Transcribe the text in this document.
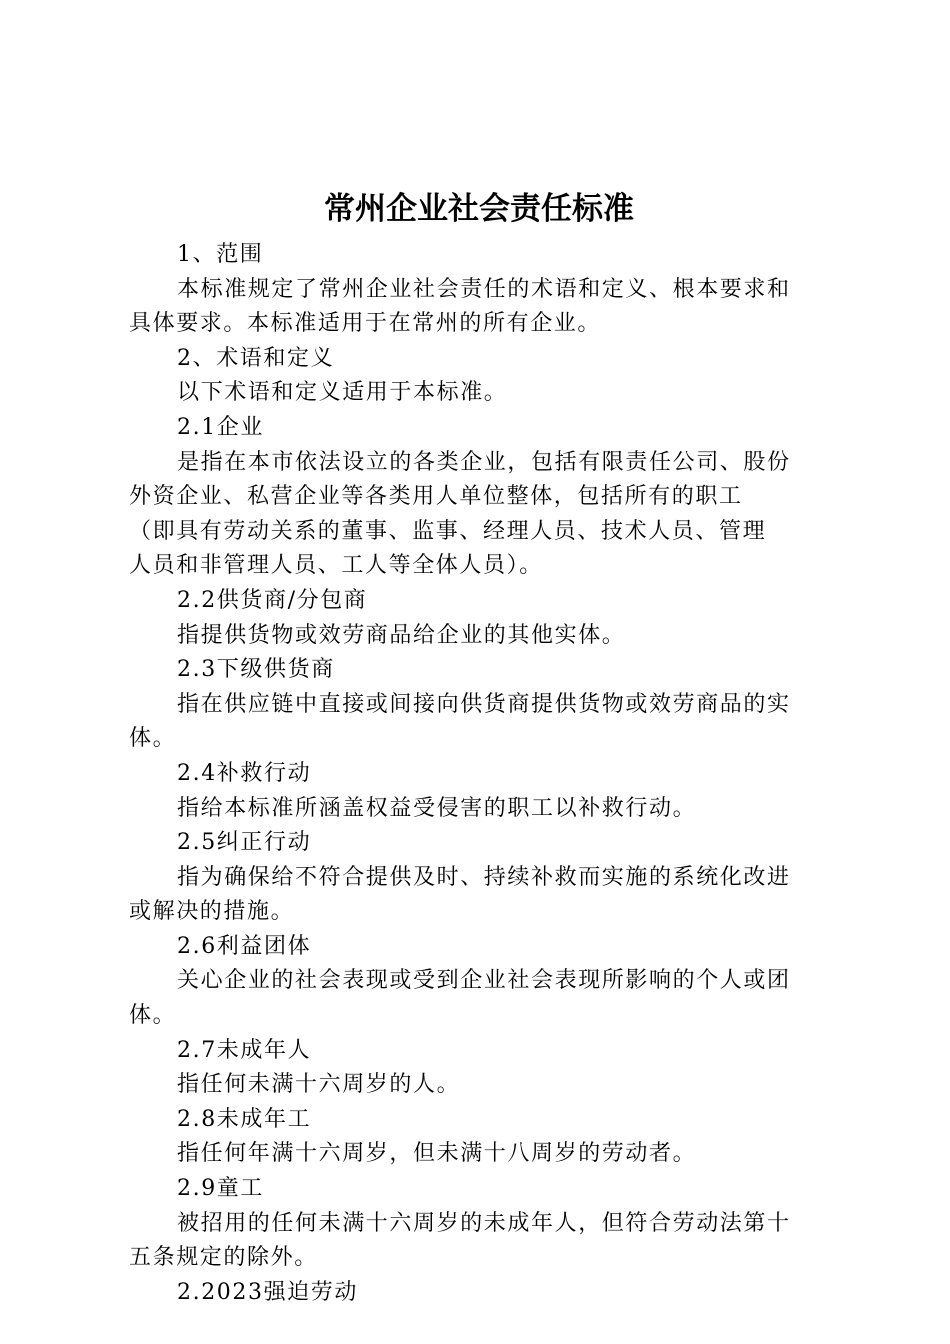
常州企业社会责任标准

1、范围

本标准规定了常州企业社会责任的术语和定义、根本要求和

具体要求。本标准适用于在常州的所有企业。

2、术语和定义

以下术语和定义适用于本标准。

2.1企业

是指在本市依法设立的各类企业，包括有限责任公司、股份

外资企业、私营企业等各类用人单位整体，包括所有的职工

（即具有劳动关系的董事、监事、经理人员、技术人员、管理

人员和非管理人员、工人等全体人员）。

2.2供货商/分包商

指提供货物或效劳商品给企业的其他实体。

2.3下级供货商

指在供应链中直接或间接向供货商提供货物或效劳商品的实

体。

2.4补救行动

指给本标准所涵盖权益受侵害的职工以补救行动。

2.5纠正行动

指为确保给不符合提供及时、持续补救而实施的系统化改进

或解决的措施。

2.6利益团体

关心企业的社会表现或受到企业社会表现所影响的个人或团

体。

2.7未成年人

指任何未满十六周岁的人。

2.8未成年工

指任何年满十六周岁，但未满十八周岁的劳动者。

2.9童工

被招用的任何未满十六周岁的未成年人，但符合劳动法第十

五条规定的除外。

2.2023强迫劳动
